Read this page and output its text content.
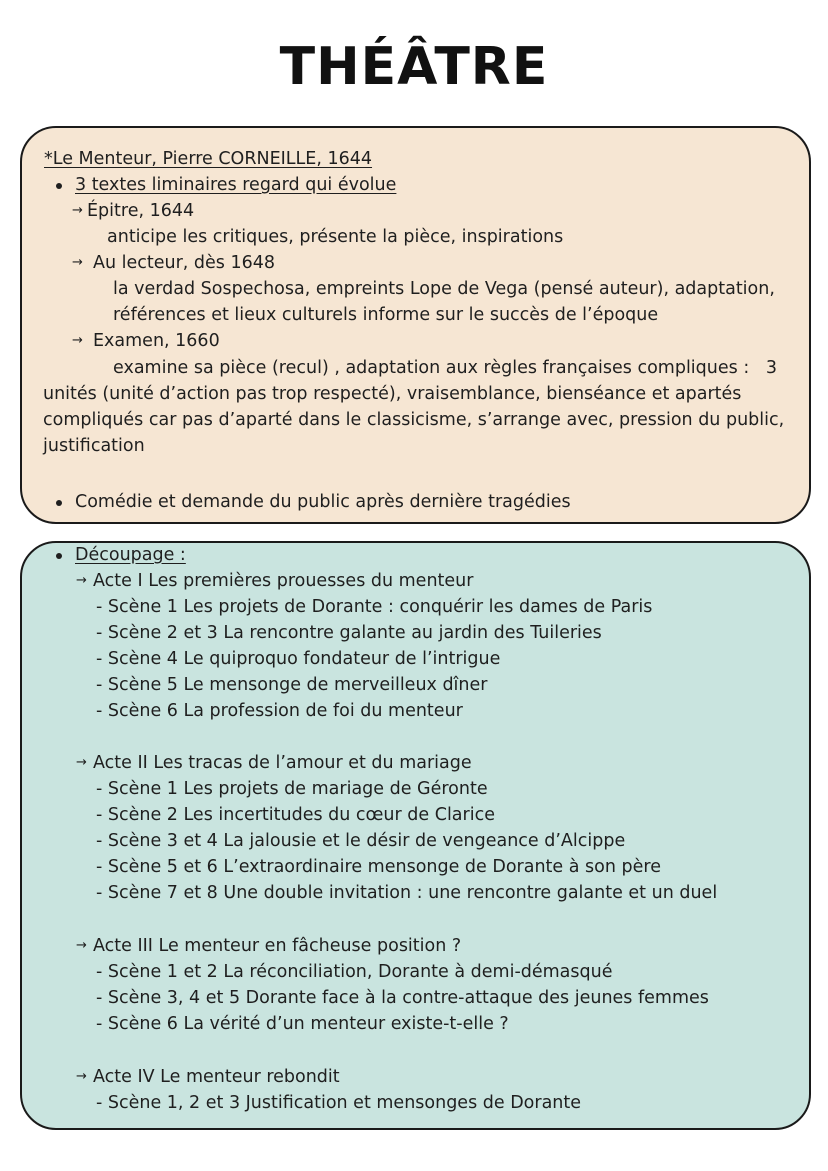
THÉÂTRE
*Le Menteur, Pierre CORNEILLE, 1644
3 textes liminaires regard qui évolue
→ Épitre, 1644
anticipe les critiques, présente la pièce, inspirations
→ Au lecteur, dès 1648
la verdad Sospechosa, empreints Lope de Vega (pensé auteur), adaptation,
références et lieux culturels informe sur le succès de l’époque
→ Examen, 1660
examine sa pièce (recul) , adaptation aux règles françaises compliques :   3
unités (unité d’action pas trop respecté), vraisemblance, bienséance et apartés
compliqués car pas d’aparté dans le classicisme, s’arrange avec, pression du public,
justification
Comédie et demande du public après dernière tragédies
Découpage :
→ Acte I Les premières prouesses du menteur
- Scène 1 Les projets de Dorante : conquérir les dames de Paris
- Scène 2 et 3 La rencontre galante au jardin des Tuileries
- Scène 4 Le quiproquo fondateur de l’intrigue
- Scène 5 Le mensonge de merveilleux dîner
- Scène 6 La profession de foi du menteur
→ Acte II Les tracas de l’amour et du mariage
- Scène 1 Les projets de mariage de Géronte
- Scène 2 Les incertitudes du cœur de Clarice
- Scène 3 et 4 La jalousie et le désir de vengeance d’Alcippe
- Scène 5 et 6 L’extraordinaire mensonge de Dorante à son père
- Scène 7 et 8 Une double invitation : une rencontre galante et un duel
→ Acte III Le menteur en fâcheuse position ?
- Scène 1 et 2 La réconciliation, Dorante à demi-démasqué
- Scène 3, 4 et 5 Dorante face à la contre-attaque des jeunes femmes
- Scène 6 La vérité d’un menteur existe-t-elle ?
→ Acte IV Le menteur rebondit
- Scène 1, 2 et 3 Justification et mensonges de Dorante
